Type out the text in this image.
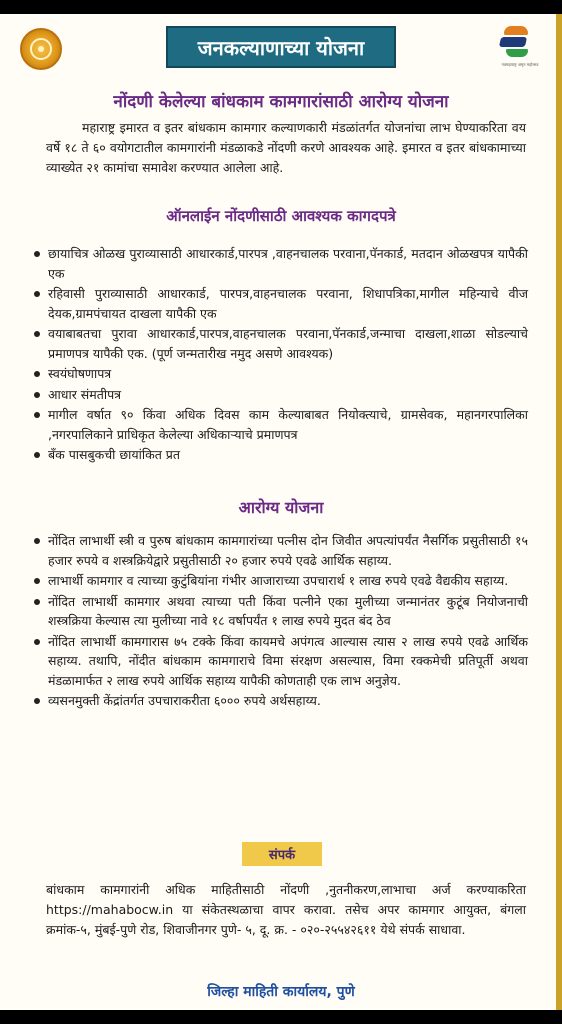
जनकल्याणाच्या योजना
नवमहाराष्ट्र अमृत महोत्सव
नोंदणी केलेल्या बांधकाम कामगारांसाठी आरोग्य योजना

महाराष्ट्र इमारत व इतर बांधकाम कामगार कल्याणकारी मंडळांतर्गत योजनांचा लाभ घेण्याकरिता वय वर्षे १८ ते ६० वयोगटातील कामगारांनी मंडळाकडे नोंदणी करणे आवश्यक आहे. इमारत व इतर बांधकामाच्या व्याख्येत २१ कामांचा समावेश करण्यात आलेला आहे.

ऑनलाईन नोंदणीसाठी आवश्यक कागदपत्रे
छायाचित्र ओळख पुराव्यासाठी आधारकार्ड,पारपत्र ,वाहनचालक परवाना,पॅनकार्ड, मतदान ओळखपत्र यापैकी एक
रहिवासी पुराव्यासाठी आधारकार्ड, पारपत्र,वाहनचालक परवाना, शिधापत्रिका,मागील महिन्याचे वीज देयक,ग्रामपंचायत दाखला यापैकी एक
वयाबाबतचा पुरावा आधारकार्ड,पारपत्र,वाहनचालक परवाना,पॅनकार्ड,जन्माचा दाखला,शाळा सोडल्याचे प्रमाणपत्र यापैकी एक. (पूर्ण जन्मतारीख नमुद असणे आवश्यक)
स्वयंघोषणापत्र
आधार संमतीपत्र
मागील वर्षात ९० किंवा अधिक दिवस काम केल्याबाबत नियोक्त्याचे, ग्रामसेवक, महानगरपालिका ,नगरपालिकाने प्राधिकृत केलेल्या अधिकाऱ्याचे प्रमाणपत्र
बँक पासबुकची छायांकित प्रत
आरोग्य योजना
नोंदित लाभार्थी स्त्री व पुरुष बांधकाम कामगारांच्या पत्नीस दोन जिवीत अपत्यांपर्यंत नैसर्गिक प्रसुतीसाठी १५ हजार रुपये व शस्त्रक्रियेद्वारे प्रसुतीसाठी २० हजार रुपये एवढे आर्थिक सहाय्य.
लाभार्थी कामगार व त्याच्या कुटुंबियांना गंभीर आजाराच्या उपचारार्थ १ लाख रुपये एवढे वैद्यकीय सहाय्य.
नोंदित लाभार्थी कामगार अथवा त्याच्या पती किंवा पत्नीने एका मुलीच्या जन्मानंतर कुटूंब नियोजनाची शस्त्रक्रिया केल्यास त्या मुलीच्या नावे १८ वर्षापर्यंत १ लाख रुपये मुदत बंद ठेव
नोंदित लाभार्थी कामगारास ७५ टक्के किंवा कायमचे अपंगत्व आल्यास त्यास २ लाख रुपये एवढे आर्थिक सहाय्य. तथापि, नोंदीत बांधकाम कामगाराचे विमा संरक्षण असल्यास, विमा रक्कमेची प्रतिपूर्ती अथवा मंडळामार्फत २ लाख रुपये आर्थिक सहाय्य यापैकी कोणताही एक लाभ अनुज्ञेय.
व्यसनमुक्ती केंद्रांतर्गत उपचाराकरीता ६००० रुपये अर्थसहाय्य.
संपर्क

बांधकाम कामगारांनी अधिक माहितीसाठी नोंदणी ,नुतनीकरण,लाभाचा अर्ज करण्याकरिता https://mahabocw.in या संकेतस्थळाचा वापर करावा. तसेच अपर कामगार आयुक्त, बंगला क्रमांक-५, मुंबई-पुणे रोड, शिवाजीनगर पुणे- ५, दू. क्र. - ०२०-२५५४२६११ येथे संपर्क साधावा.

जिल्हा माहिती कार्यालय, पुणे
